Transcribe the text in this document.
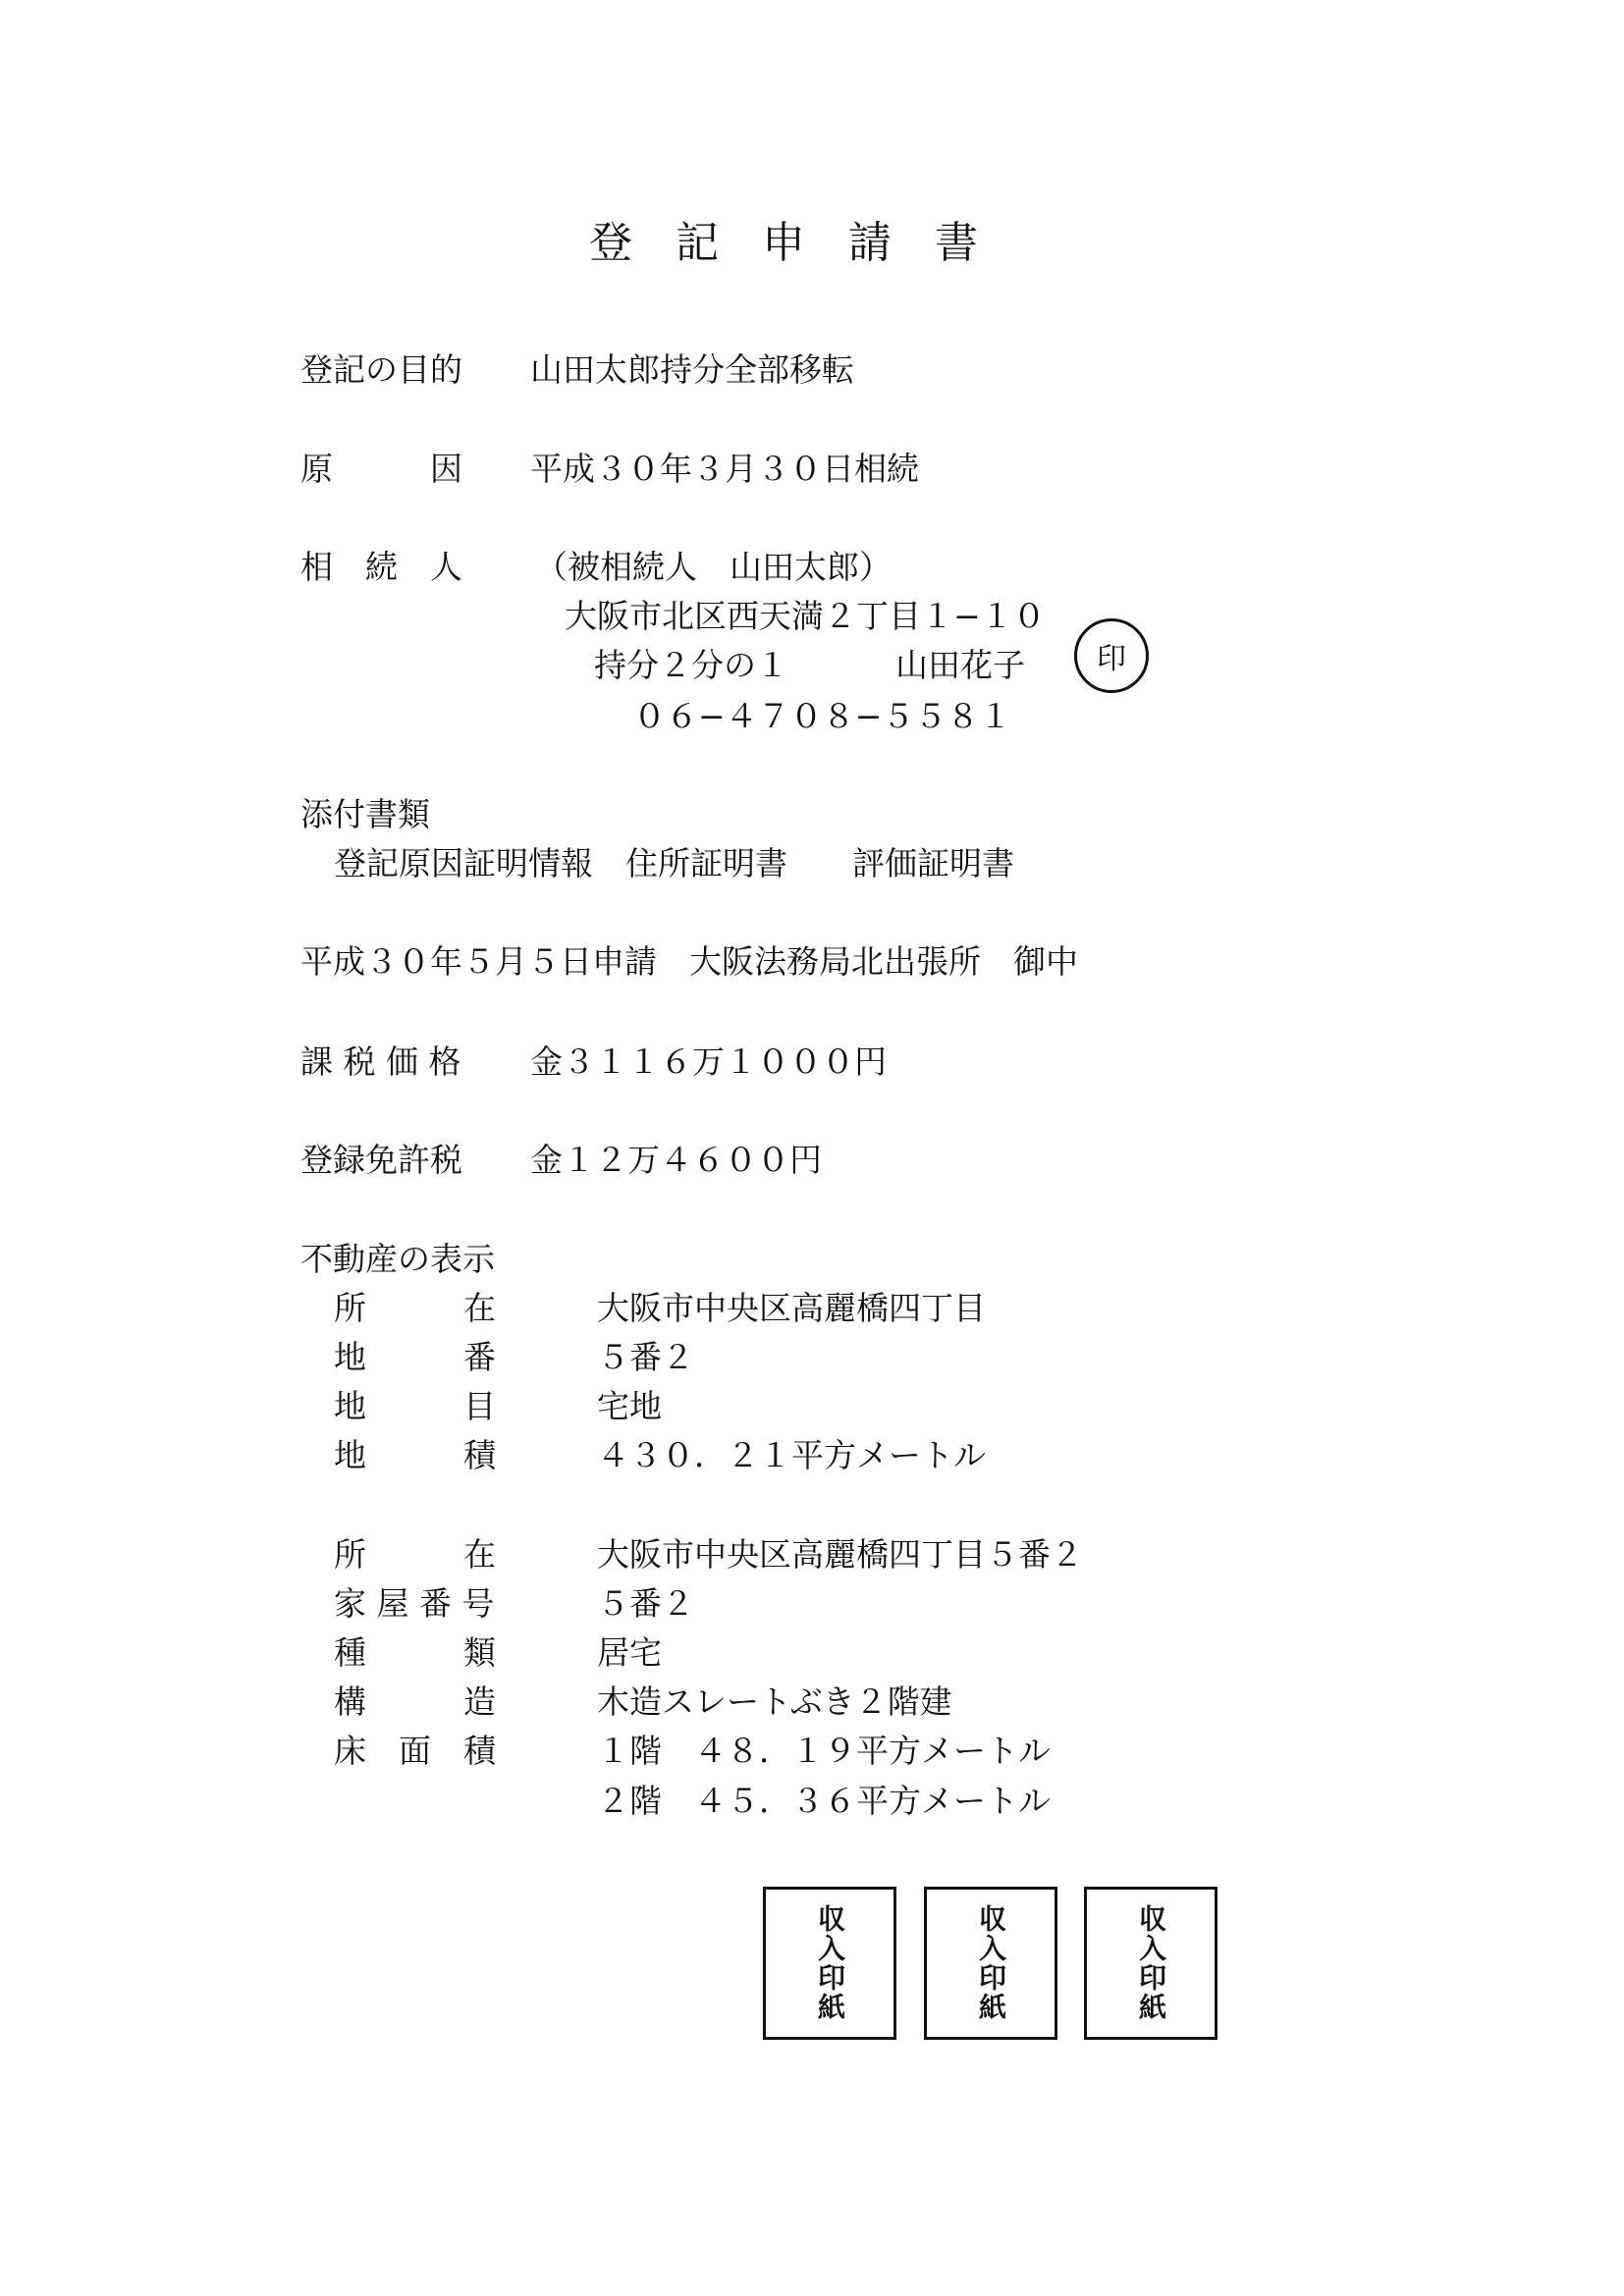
登　記　申　請　書
登記の目的 山田太郎持分全部移転
原　　　因 平成３０年３月３０日相続
相　続　人 （被相続人　山田太郎）
大阪市北区西天満２丁目１−１０
持分２分の１	山田花子 印
０６−４７０８−５５８１
添付書類
登記原因証明情報　住所証明書　　評価証明書
平成３０年５月５日申請　大阪法務局北出張所　御中
課 税 価 格 金３１１６万１０００円
登録免許税 金１２万４６００円
不動産の表示
所　　　在	大阪市中央区高麗橋四丁目
地　　　番	５番２
地　　　目	宅地
地　　　積	４３０．２１平方メートル
所　　　在	大阪市中央区高麗橋四丁目５番２
家 屋 番 号	５番２
種　　　類	居宅
構　　　造	木造スレートぶき２階建
床　面　積	１階　４８．１９平方メートル
２階　４５．３６平方メートル
収入印紙	収入印紙	収入印紙
